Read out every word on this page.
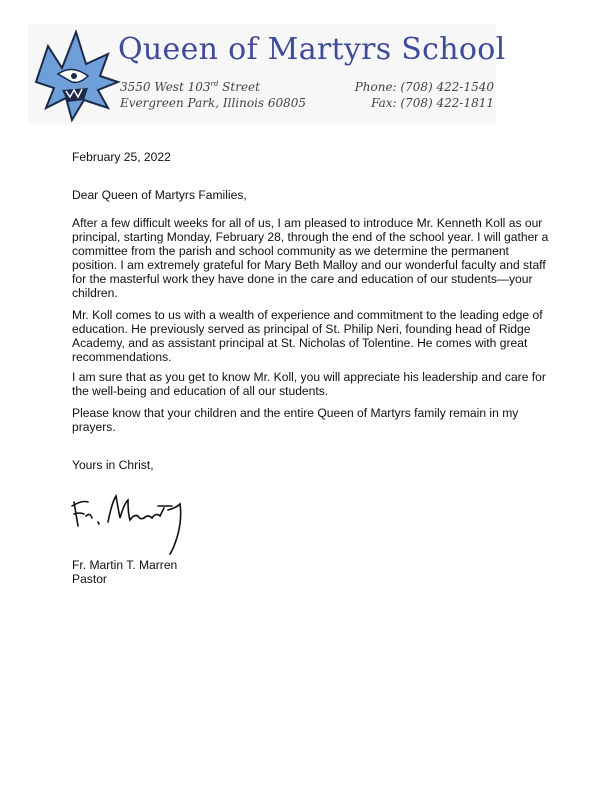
Queen of Martyrs School
3550 West 103rd Street
Evergreen Park, Illinois 60805
Phone: (708) 422-1540
Fax: (708) 422-1811
February 25, 2022
Dear Queen of Martyrs Families,

After a few difficult weeks for all of us, I am pleased to introduce Mr. Kenneth Koll as our principal, starting Monday, February 28, through the end of the school year. I will gather a committee from the parish and school community as we determine the permanent position. I am extremely grateful for Mary Beth Malloy and our wonderful faculty and staff for the masterful work they have done in the care and education of our students—your children.

Mr. Koll comes to us with a wealth of experience and commitment to the leading edge of education. He previously served as principal of St. Philip Neri, founding head of Ridge Academy, and as assistant principal at St. Nicholas of Tolentine. He comes with great recommendations.

I am sure that as you get to know Mr. Koll, you will appreciate his leadership and care for the well-being and education of all our students.

Please know that your children and the entire Queen of Martyrs family remain in my prayers.

Yours in Christ,
Fr. Martin T. Marren
Pastor
